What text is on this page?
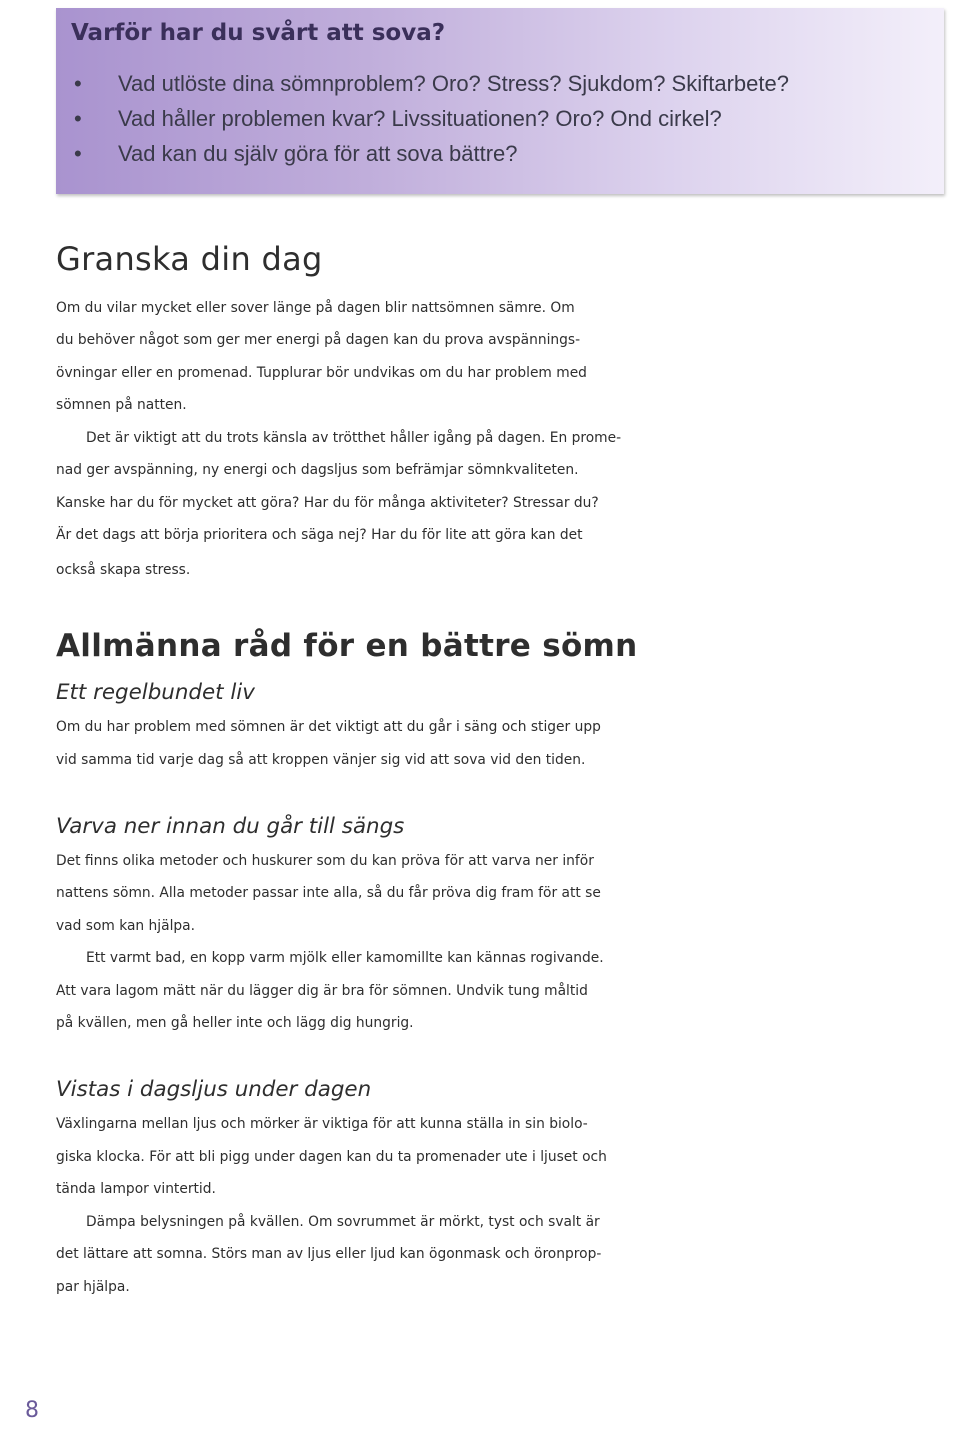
Varför har du svårt att sova?

• Vad utlöste dina sömnproblem? Oro? Stress? Sjukdom? Skiftarbete?
• Vad håller problemen kvar? Livssituationen? Oro? Ond cirkel?
• Vad kan du själv göra för att sova bättre?
Granska din dag

Om du vilar mycket eller sover länge på dagen blir nattsömnen sämre. Om

du behöver något som ger mer energi på dagen kan du prova avspännings-

övningar eller en promenad. Tupplurar bör undvikas om du har problem med

sömnen på natten.

Det är viktigt att du trots känsla av trötthet håller igång på dagen. En prome-

nad ger avspänning, ny energi och dagsljus som befrämjar sömnkvaliteten.

Kanske har du för mycket att göra? Har du för många aktiviteter? Stressar du?

Är det dags att börja prioritera och säga nej? Har du för lite att göra kan det

också skapa stress.

Allmänna råd för en bättre sömn

Ett regelbundet liv

Om du har problem med sömnen är det viktigt att du går i säng och stiger upp

vid samma tid varje dag så att kroppen vänjer sig vid att sova vid den tiden.

Varva ner innan du går till sängs

Det finns olika metoder och huskurer som du kan pröva för att varva ner inför

nattens sömn. Alla metoder passar inte alla, så du får pröva dig fram för att se

vad som kan hjälpa.

Ett varmt bad, en kopp varm mjölk eller kamomillte kan kännas rogivande.

Att vara lagom mätt när du lägger dig är bra för sömnen. Undvik tung måltid

på kvällen, men gå heller inte och lägg dig hungrig.

Vistas i dagsljus under dagen

Växlingarna mellan ljus och mörker är viktiga för att kunna ställa in sin biolo-

giska klocka. För att bli pigg under dagen kan du ta promenader ute i ljuset och

tända lampor vintertid.

Dämpa belysningen på kvällen. Om sovrummet är mörkt, tyst och svalt är

det lättare att somna. Störs man av ljus eller ljud kan ögonmask och öronprop-

par hjälpa.

8
